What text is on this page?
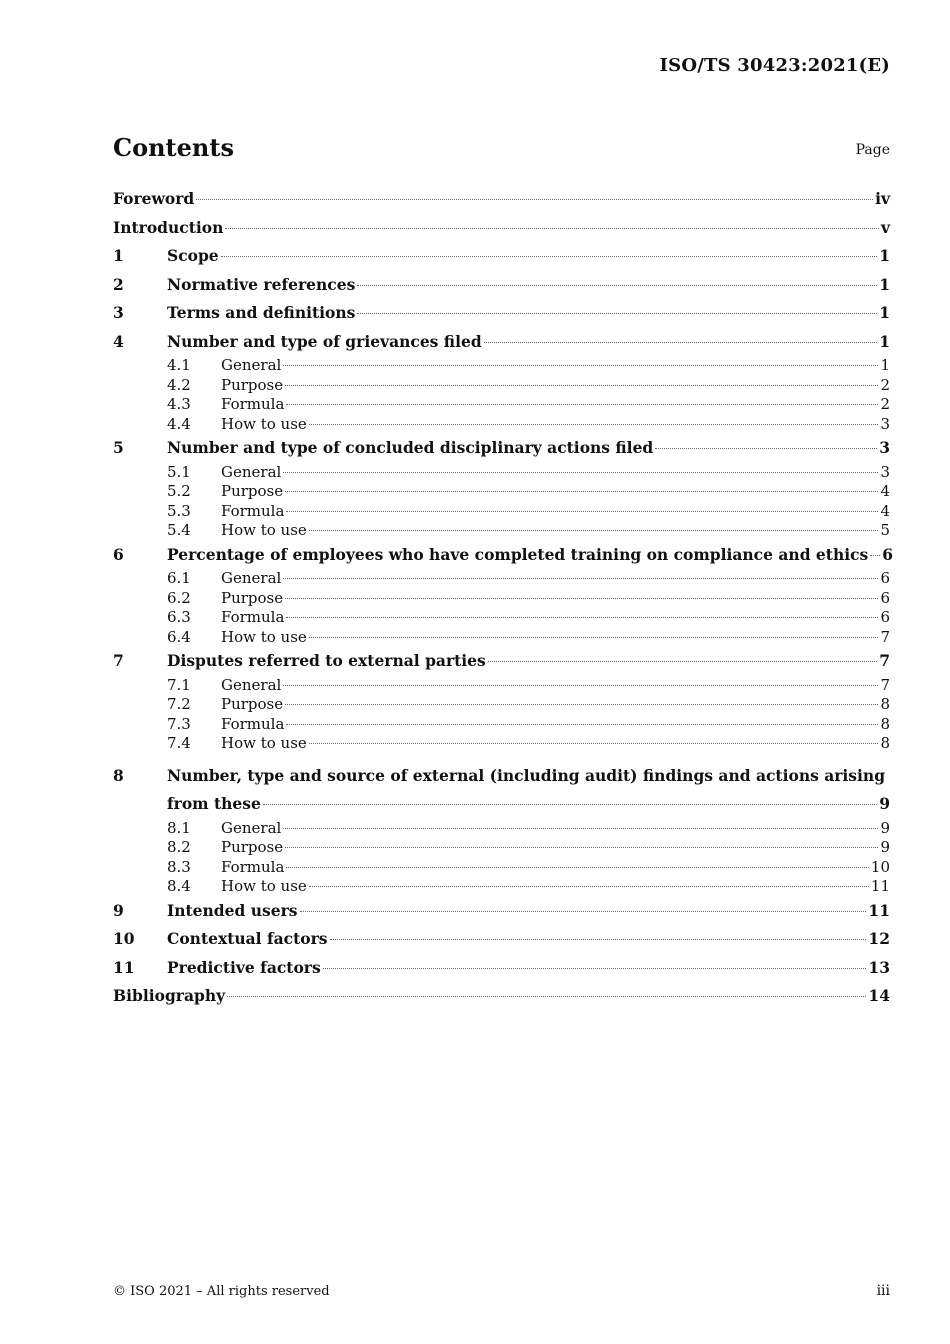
ISO/TS 30423:2021(E)
Contents	Page
Foreword	iv
Introduction	v
1	Scope	1
2	Normative references	1
3	Terms and definitions	1
4	Number and type of grievances filed	1
4.1	General	1
4.2	Purpose	2
4.3	Formula	2
4.4	How to use	3
5	Number and type of concluded disciplinary actions filed	3
5.1	General	3
5.2	Purpose	4
5.3	Formula	4
5.4	How to use	5
6	Percentage of employees who have completed training on compliance and ethics 6
6.1	General	6
6.2	Purpose	6
6.3	Formula	6
6.4	How to use	7
7	Disputes referred to external parties	7
7.1	General	7
7.2	Purpose	8
7.3	Formula	8
7.4	How to use	8
8	Number, type and source of external (including audit) findings and actions arising
from these	9
8.1	General	9
8.2	Purpose	9
8.3	Formula	10
8.4	How to use	11
9	Intended users	11
10	Contextual factors	12
11	Predictive factors	13
Bibliography	14
© ISO 2021 – All rights reserved	iii
